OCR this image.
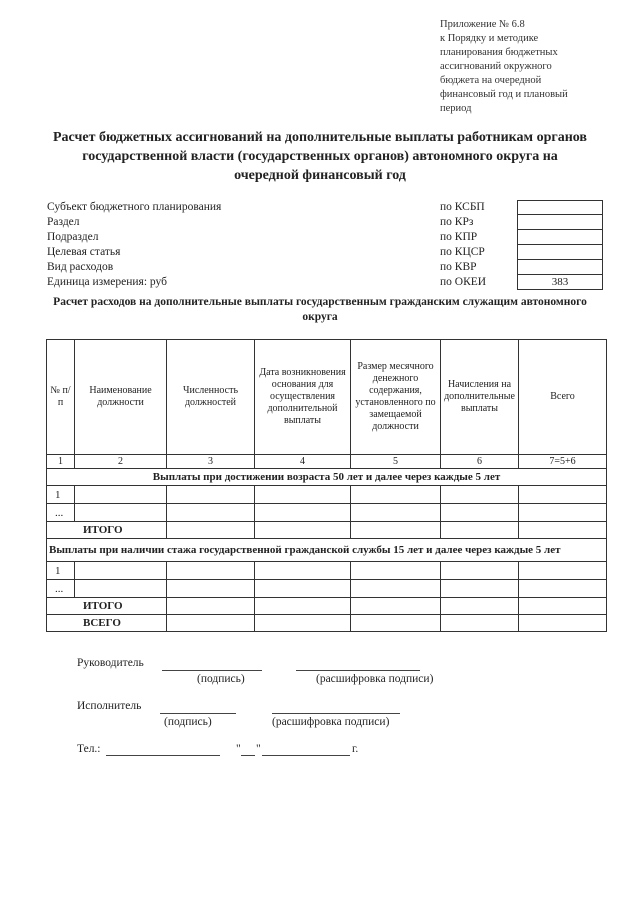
Приложение № 6.8
к Порядку и методике
планирования бюджетных
ассигнований окружного
бюджета на очередной
финансовый год и плановый
период
Расчет бюджетных ассигнований на дополнительные выплаты работникам органов
государственной власти (государственных органов) автономного округа на
очередной финансовый год
Субъект бюджетного планирования	по КСБП
Раздел	по КРз
Подраздел	по КПР
Целевая статья	по КЦСР
Вид расходов	по КВР
Единица измерения: руб	по ОКЕИ	383
Расчет расходов на дополнительные выплаты государственным гражданским служащим автономного
округа
№ п/п	Наименование должности	Численность должностей	Дата возникновения основания для осуществления дополнительной выплаты	Размер месячного денежного содержания, установленного по замещаемой должности	Начисления на дополнительные выплаты	Всего
1	2	3	4	5	6	7=5+6
Выплаты при достижении возраста 50 лет и далее через каждые 5 лет						
1						
...						
ИТОГО						
Выплаты при наличии стажа государственной гражданской службы 15 лет и далее через каждые 5 лет						
1						
...						
ИТОГО						
ВСЕГО						
Руководитель
(подпись)	(расшифровка подписи)
Исполнитель
(подпись)	(расшифровка подписи)
Тел.:	" "	г.
